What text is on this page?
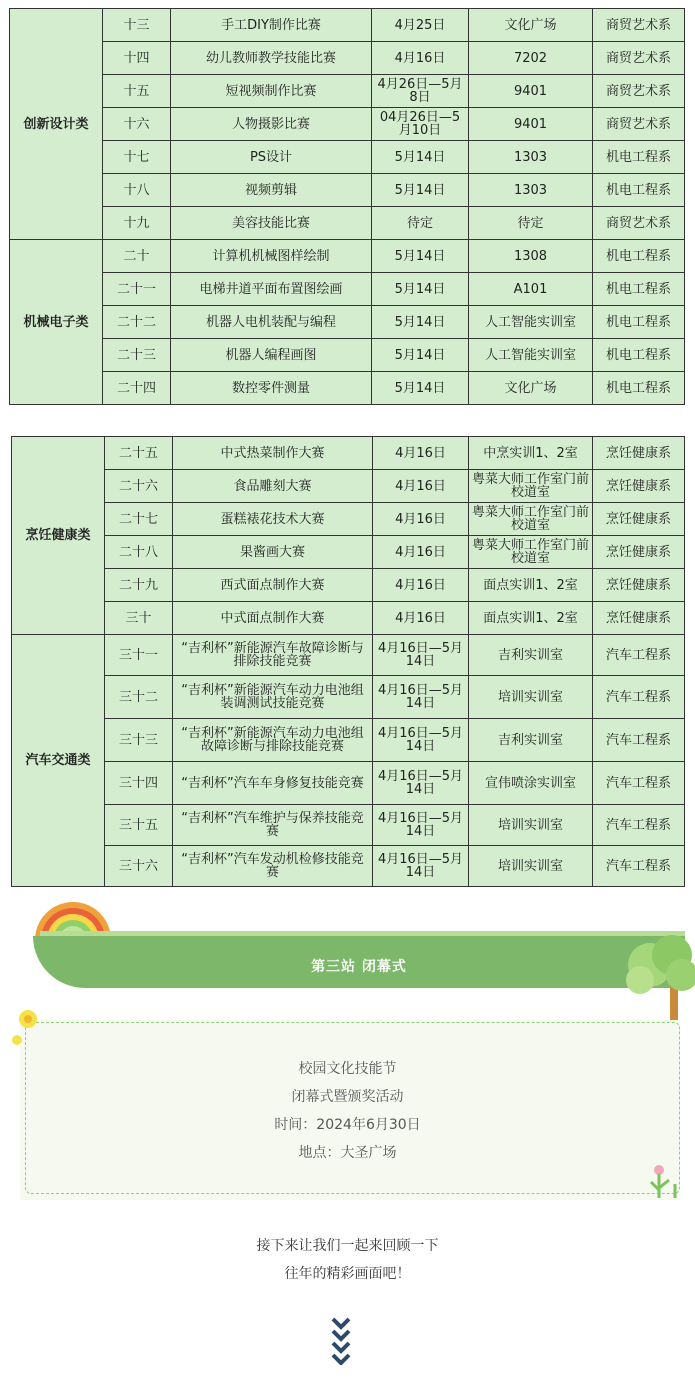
创新设计类	十三	手工DIY制作比赛	4月25日	文化广场	商贸艺术系
	十四	幼儿教师教学技能比赛	4月16日	7202	商贸艺术系
	十五	短视频制作比赛	4月26日—5月8日	9401	商贸艺术系
	十六	人物摄影比赛	04月26日—5月10日	9401	商贸艺术系
	十七	PS设计	5月14日	1303	机电工程系
	十八	视频剪辑	5月14日	1303	机电工程系
	十九	美容技能比赛	待定	待定	商贸艺术系
机械电子类	二十	计算机机械图样绘制	5月14日	1308	机电工程系
	二十一	电梯井道平面布置图绘画	5月14日	A101	机电工程系
	二十二	机器人电机装配与编程	5月14日	人工智能实训室	机电工程系
	二十三	机器人编程画图	5月14日	人工智能实训室	机电工程系
	二十四	数控零件测量	5月14日	文化广场	机电工程系
烹饪健康类	二十五	中式热菜制作大赛	4月16日	中烹实训1、2室	烹饪健康系
	二十六	食品雕刻大赛	4月16日	粤菜大师工作室门前校道室	烹饪健康系
	二十七	蛋糕裱花技术大赛	4月16日	粤菜大师工作室门前校道室	烹饪健康系
	二十八	果酱画大赛	4月16日	粤菜大师工作室门前校道室	烹饪健康系
	二十九	西式面点制作大赛	4月16日	面点实训1、2室	烹饪健康系
	三十	中式面点制作大赛	4月16日	面点实训1、2室	烹饪健康系
汽车交通类	三十一	“吉利杯”新能源汽车故障诊断与排除技能竞赛	4月16日—5月14日	吉利实训室	汽车工程系
	三十二	“吉利杯”新能源汽车动力电池组装调测试技能竞赛	4月16日—5月14日	培训实训室	汽车工程系
	三十三	“吉利杯”新能源汽车动力电池组故障诊断与排除技能竞赛	4月16日—5月14日	吉利实训室	汽车工程系
	三十四	“吉利杯”汽车车身修复技能竞赛	4月16日—5月14日	宣伟喷涂实训室	汽车工程系
	三十五	“吉利杯”汽车维护与保养技能竞赛	4月16日—5月14日	培训实训室	汽车工程系
	三十六	“吉利杯”汽车发动机检修技能竞赛	4月16日—5月14日	培训实训室	汽车工程系
第三站 闭幕式
校园文化技能节
闭幕式暨颁奖活动
时间：2024年6月30日
地点：大圣广场
接下来让我们一起来回顾一下
往年的精彩画面吧！
